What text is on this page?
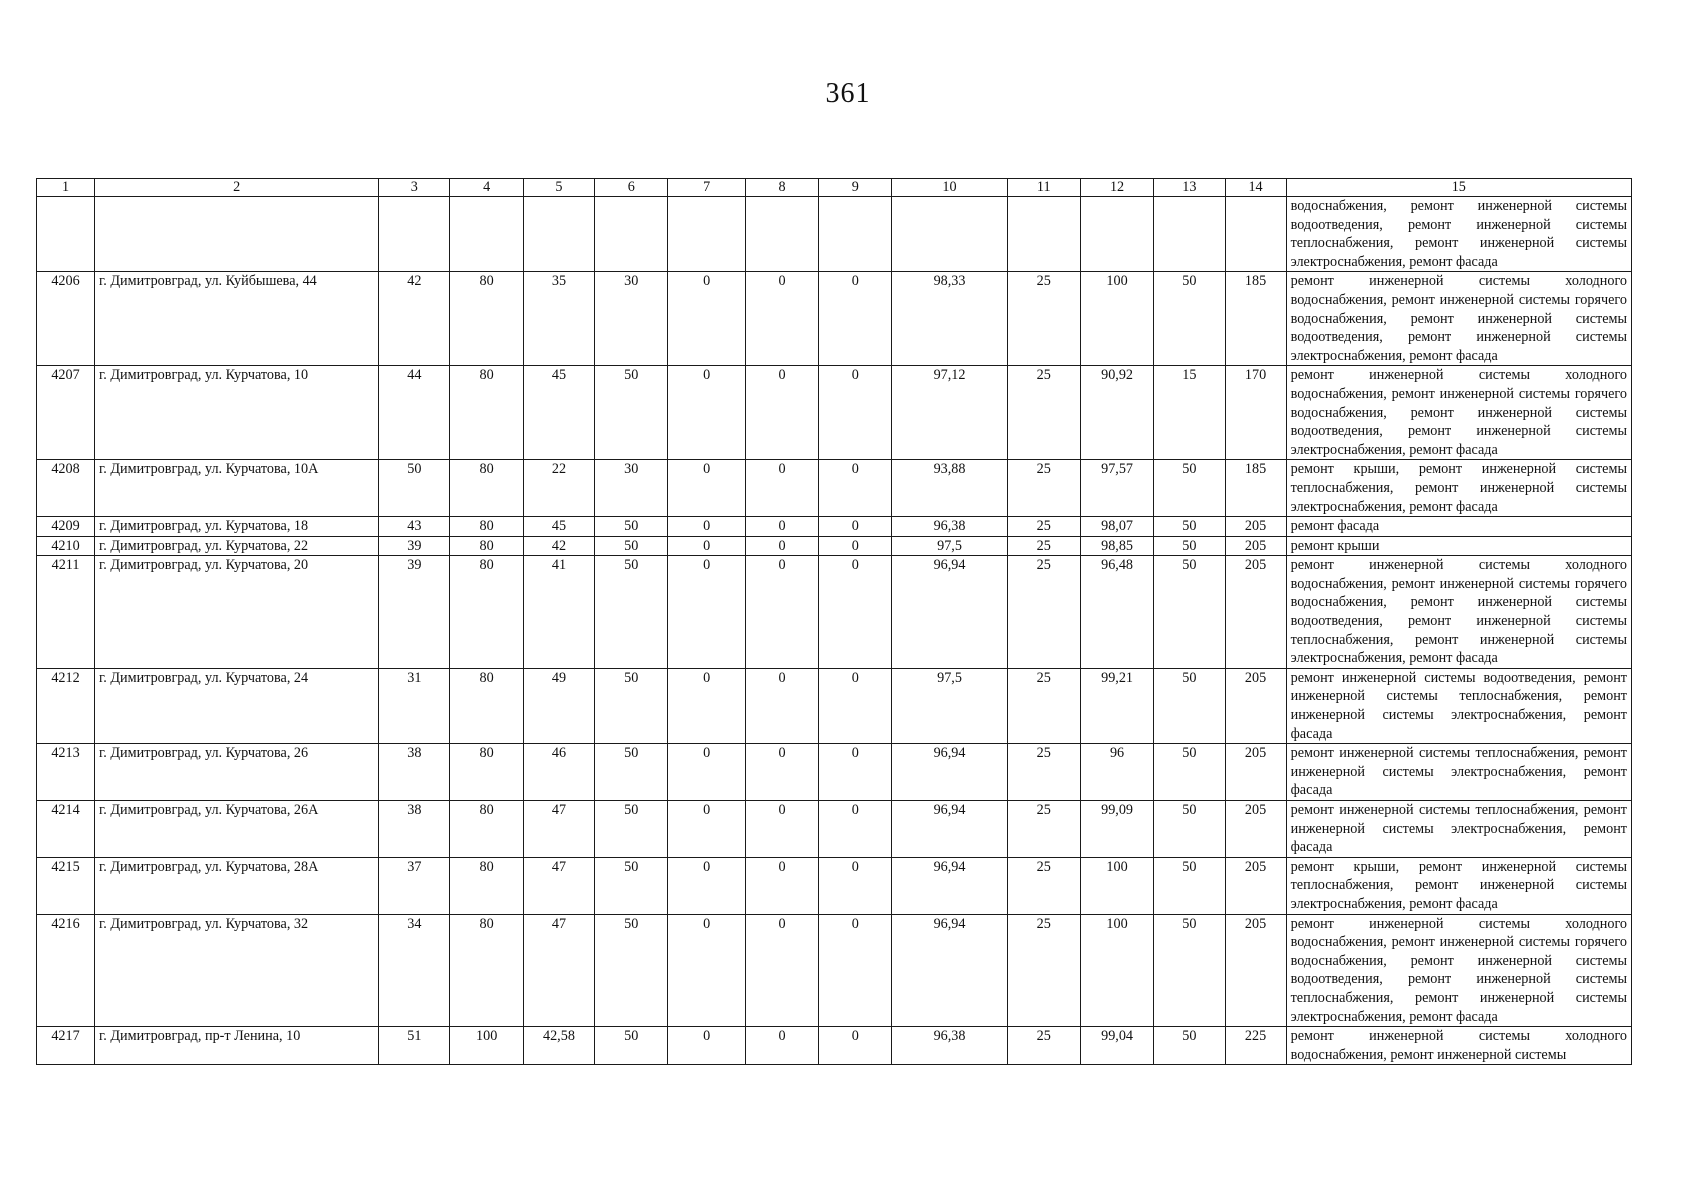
361
1	2	3	4	5	6	7	8	9	10	11	12	13	14	15
														водоснабжения, ремонт инженерной системы водоотведения, ремонт инженерной системы теплоснабжения, ремонт инженерной системы электроснабжения, ремонт фасада
4206	г. Димитровград, ул. Куйбышева, 44	42	80	35	30	0	0	0	98,33	25	100	50	185	ремонт инженерной системы холодного водоснабжения, ремонт инженерной системы горячего водоснабжения, ремонт инженерной системы водоотведения, ремонт инженерной системы электроснабжения, ремонт фасада
4207	г. Димитровград, ул. Курчатова, 10	44	80	45	50	0	0	0	97,12	25	90,92	15	170	ремонт инженерной системы холодного водоснабжения, ремонт инженерной системы горячего водоснабжения, ремонт инженерной системы водоотведения, ремонт инженерной системы электроснабжения, ремонт фасада
4208	г. Димитровград, ул. Курчатова, 10А	50	80	22	30	0	0	0	93,88	25	97,57	50	185	ремонт крыши, ремонт инженерной системы теплоснабжения, ремонт инженерной системы электроснабжения, ремонт фасада
4209	г. Димитровград, ул. Курчатова, 18	43	80	45	50	0	0	0	96,38	25	98,07	50	205	ремонт фасада
4210	г. Димитровград, ул. Курчатова, 22	39	80	42	50	0	0	0	97,5	25	98,85	50	205	ремонт крыши
4211	г. Димитровград, ул. Курчатова, 20	39	80	41	50	0	0	0	96,94	25	96,48	50	205	ремонт инженерной системы холодного водоснабжения, ремонт инженерной системы горячего водоснабжения, ремонт инженерной системы водоотведения, ремонт инженерной системы теплоснабжения, ремонт инженерной системы электроснабжения, ремонт фасада
4212	г. Димитровград, ул. Курчатова, 24	31	80	49	50	0	0	0	97,5	25	99,21	50	205	ремонт инженерной системы водоотведения, ремонт инженерной системы теплоснабжения, ремонт инженерной системы электроснабжения, ремонт фасада
4213	г. Димитровград, ул. Курчатова, 26	38	80	46	50	0	0	0	96,94	25	96	50	205	ремонт инженерной системы теплоснабжения, ремонт инженерной системы электроснабжения, ремонт фасада
4214	г. Димитровград, ул. Курчатова, 26А	38	80	47	50	0	0	0	96,94	25	99,09	50	205	ремонт инженерной системы теплоснабжения, ремонт инженерной системы электроснабжения, ремонт фасада
4215	г. Димитровград, ул. Курчатова, 28А	37	80	47	50	0	0	0	96,94	25	100	50	205	ремонт крыши, ремонт инженерной системы теплоснабжения, ремонт инженерной системы электроснабжения, ремонт фасада
4216	г. Димитровград, ул. Курчатова, 32	34	80	47	50	0	0	0	96,94	25	100	50	205	ремонт инженерной системы холодного водоснабжения, ремонт инженерной системы горячего водоснабжения, ремонт инженерной системы водоотведения, ремонт инженерной системы теплоснабжения, ремонт инженерной системы электроснабжения, ремонт фасада
4217	г. Димитровград, пр-т Ленина, 10	51	100	42,58	50	0	0	0	96,38	25	99,04	50	225	ремонт инженерной системы холодного водоснабжения, ремонт инженерной системы
